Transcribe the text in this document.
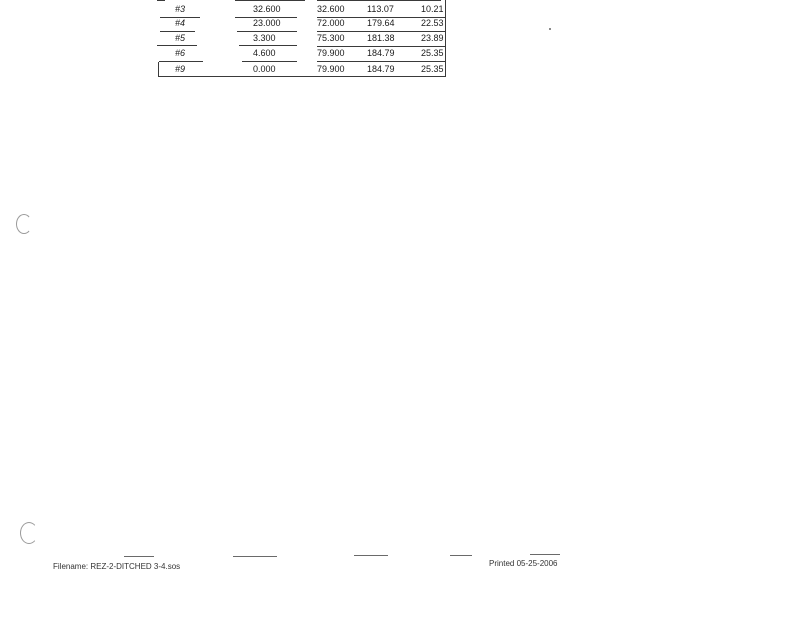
#3	32.600	32.600 113.07	10.21
#4	23.000	72.000 179.64	22.53
#5	3.300	75.300 181.38	23.89
#6	4.600	79.900 184.79	25.35
#9	0.000	79.900 184.79	25.35
Filename: REZ-2-DITCHED 3-4.sos	Printed 05-25-2006
